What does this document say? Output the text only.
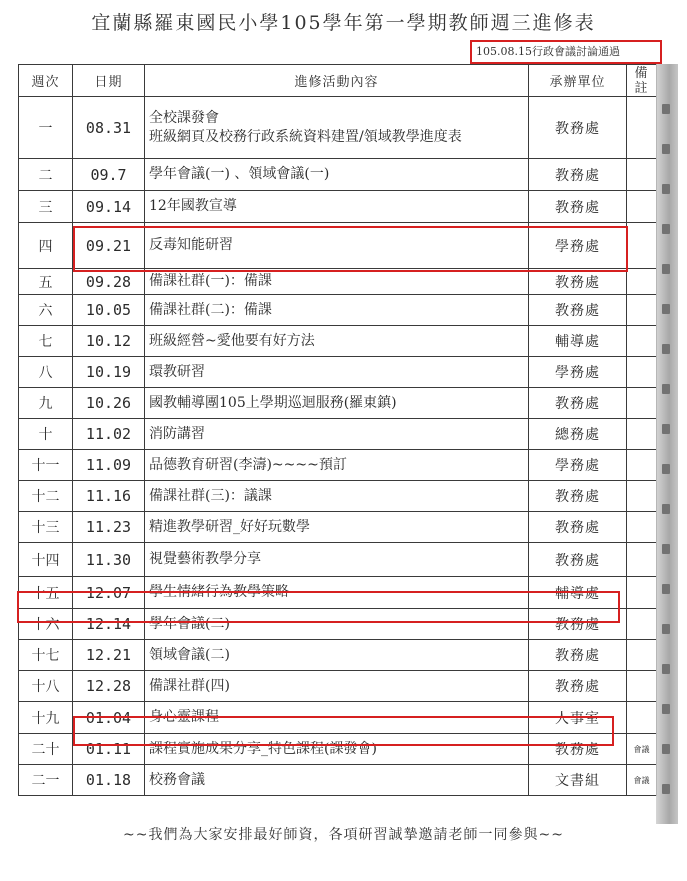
宜蘭縣羅東國民小學105學年第一學期教師週三進修表
105.08.15行政會議討論通過
週次	日期	進修活動內容	承辦單位	備註
一	08.31	全校課發會
班級網頁及校務行政系統資料建置/領域教學進度表	教務處	
二	09.7	學年會議(一) 、領域會議(一)	教務處	
三	09.14	12年國教宣導	教務處	
四	09.21	反毒知能研習	學務處	
五	09.28	備課社群(一)：備課	教務處	
六	10.05	備課社群(二)：備課	教務處	
七	10.12	班級經營~愛他要有好方法	輔導處	
八	10.19	環教研習	學務處	
九	10.26	國教輔導團105上學期巡迴服務(羅東鎮)	教務處	
十	11.02	消防講習	總務處	
十一	11.09	品德教育研習(李濤)~~~~預訂	學務處	
十二	11.16	備課社群(三)：議課	教務處	
十三	11.23	精進教學研習_好好玩數學	教務處	
十四	11.30	視覺藝術教學分享	教務處	
十五	12.07	學生情緒行為教學策略	輔導處	
十六	12.14	學年會議(二)	教務處	
十七	12.21	領域會議(二)	教務處	
十八	12.28	備課社群(四)	教務處	
十九	01.04	身心靈課程	人事室	
二十	01.11	課程實施成果分享_特色課程(課發會)	教務處	會議
二一	01.18	校務會議	文書組	會議
~~我們為大家安排最好師資，各項研習誠摯邀請老師一同參與~~
